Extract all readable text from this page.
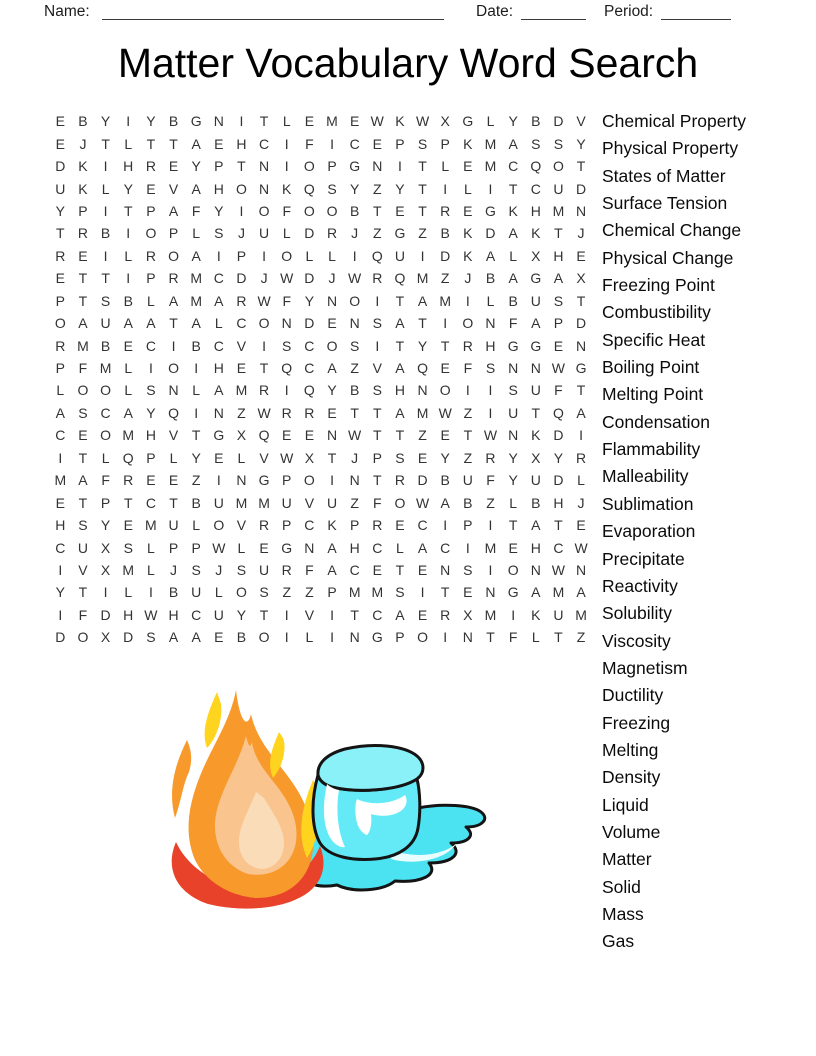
Name:	Date:	Period:
Matter Vocabulary Word Search
E B Y	I	Y B G N	I	T	L	E M E W K W X G L	Y B D V
E	J	T	L	T	T A E H C	I	F	I	C E P S P K M A S S Y
D K	I	H R E Y P T N	I	O P G N	I	T	L	E M C Q O T
U K	L	Y E V A H O N K Q S Y Z Y T	I	L	I	T C U D
Y P	I	T P A F Y	I	O F O O B T E T R E G K H M N
T R B	I	O P	L	S	J	U L D R	J	Z G Z B K D A K T	J
R E	I	L R O A	I	P	I	O L	L	I	Q U	I	D K A	L	X H E
E T	T	I	P R M C D	J W D	J W R Q M Z	J	B A G A X
P T S B	L	A M A R W F Y N O	I	T A M	I	L	B U S T
O A U A A T A	L C O N D E N S A T	I	O N F A P D
R M B E C	I	B C V	I	S C O S	I	T Y T R H G G E N
P F M L	I	O	I	H E T Q C A Z V A Q E F S N N W G
L O O L	S N L	A M R	I	Q Y B S H N O	I	I	S U F	T
A S C A Y Q	I	N Z W R R E T	T A M W Z	I	U T Q A
C E O M H V T G X Q E E N W T	T	Z E T W N K D	I
I	T	L Q P	L	Y E	L	V W X T	J	P S E Y Z R Y X Y R
M A F R E E Z	I	N G P O	I	N T R D B U F Y U D L
E T P T C T B U M M U V U Z	F O W A B Z	L	B H	J
H S Y E M U L O V R P C K P R E C	I	P	I	T A T E
C U X S	L	P P W L	E G N A H C L	A C	I	M E H C W
I	V X M L	J	S	J	S U R F A C E T E N S	I	O N W N
Y T	I	L	I	B U L O S Z	Z P M M S	I	T E N G A M A
I	F D H W H C U Y T	I	V	I	T C A E R X M	I	K U M
D O X D S A A E B O	I	L	I	N G P O	I	N T	F	L	T	Z
Chemical Property
Physical Property
States of Matter
Surface Tension
Chemical Change
Physical Change
Freezing Point
Combustibility
Specific Heat
Boiling Point
Melting Point
Condensation
Flammability
Malleability
Sublimation
Evaporation
Precipitate
Reactivity
Solubility
Viscosity
Magnetism
Ductility
Freezing
Melting
Density
Liquid
Volume
Matter
Solid
Mass
Gas
